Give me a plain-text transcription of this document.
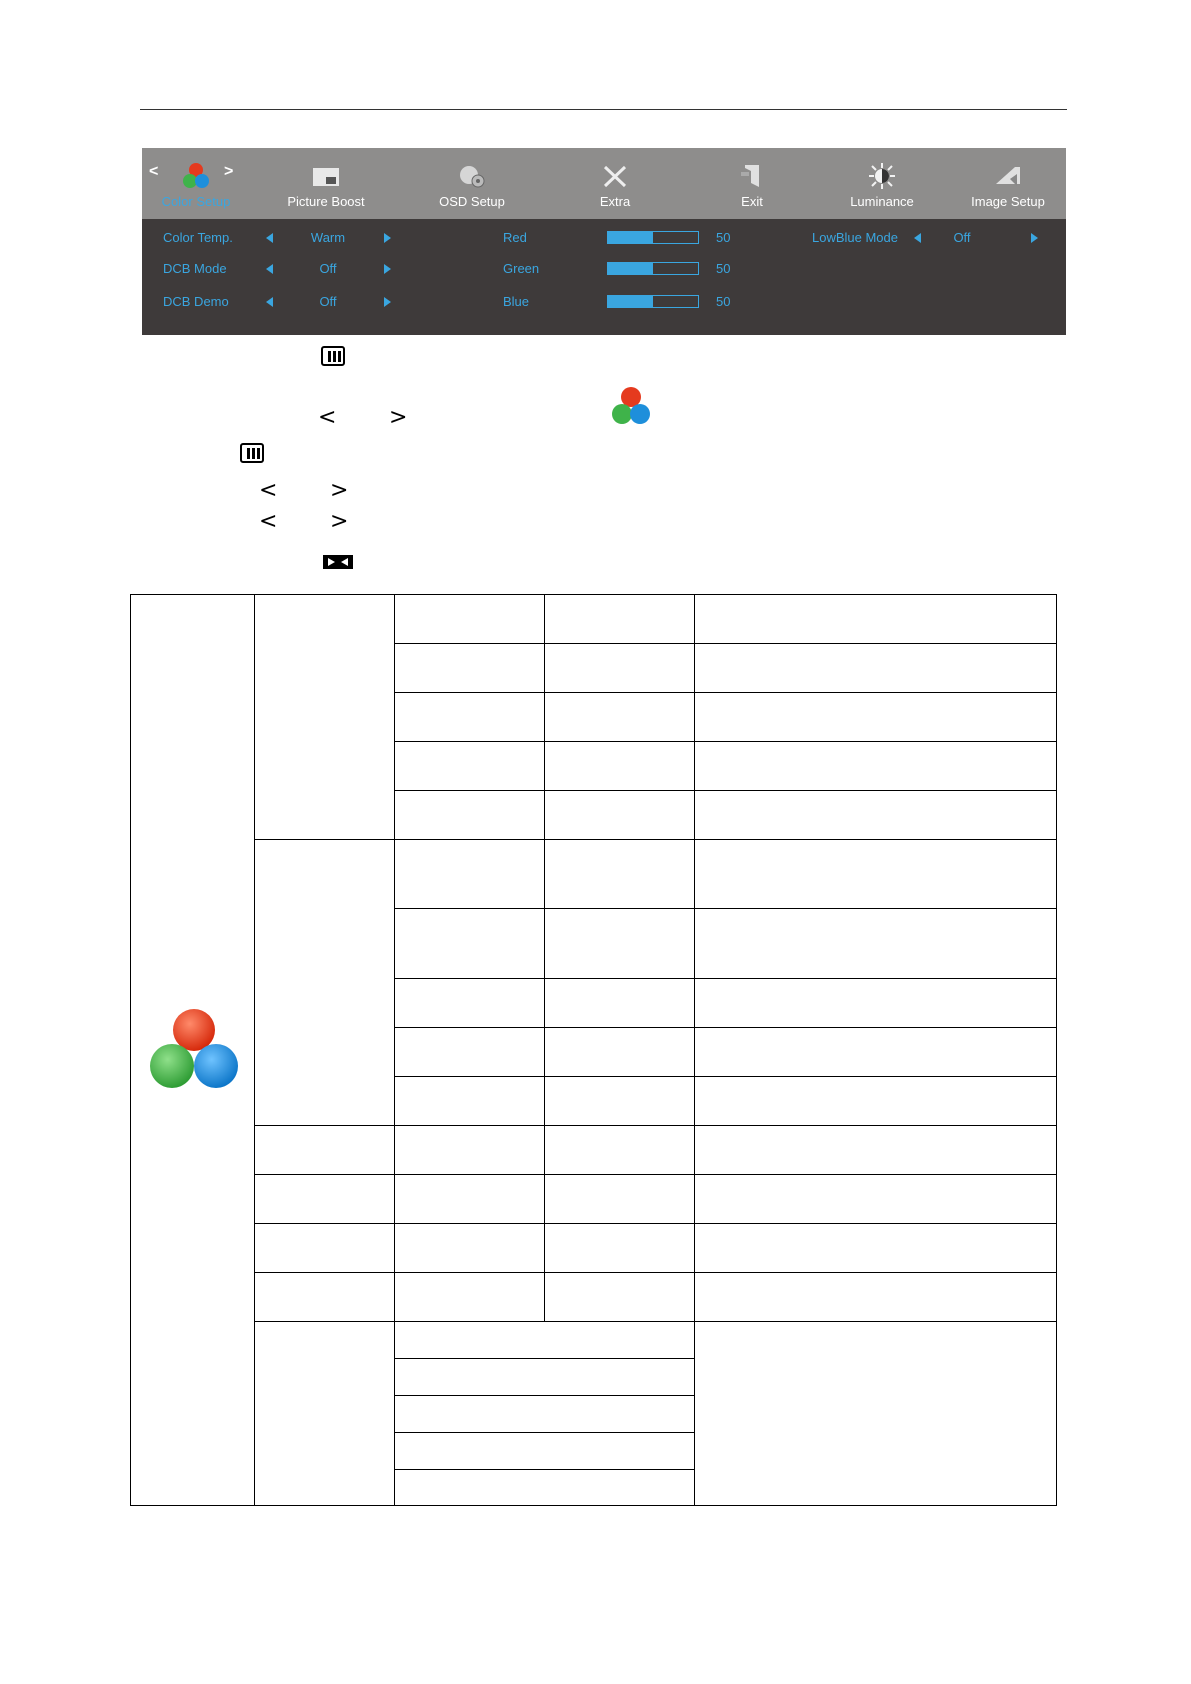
<	>
Color Setup	Picture Boost	OSD Setup	Extra	Exit	Luminance	Image Setup
Color Temp.	Warm
DCB Mode	Off
DCB Demo	Off
Red	50
Green	50
Blue	50
LowBlue Mode	Off
< >
< >
< >
